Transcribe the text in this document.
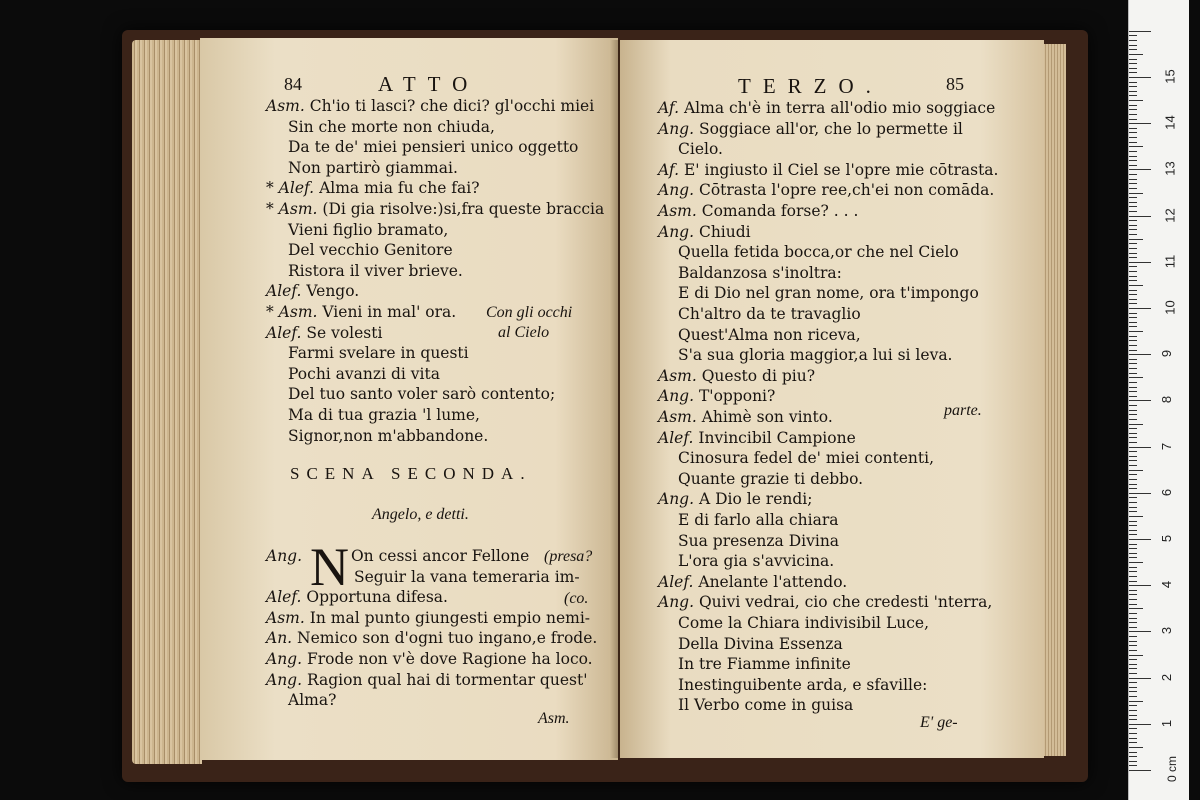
84	ATTO
Asm. Ch'io ti lasci? che dici? gl'occhi miei
Sin che morte non chiuda,
Da te de' miei pensieri unico oggetto
Non partirò giammai.
* Alef. Alma mia fu che fai?
* Asm. (Di gia risolve:)si,fra queste braccia
Vieni figlio bramato,
Del vecchio Genitore
Ristora il viver brieve.
Alef. Vengo.
* Asm. Vieni in mal' ora.
Alef. Se volesti
Farmi svelare in questi
Pochi avanzi di vita
Del tuo santo voler sarò contento;
Ma di tua grazia 'l lume,
Signor,non m'abbandone.
Con gli occhi
al Cielo
SCENA SECONDA.
Angelo, e detti.
N
Ang.	On cessi ancor Fellone
Seguir la vana temeraria im-
Alef. Opportuna difesa.
Asm. In mal punto giungesti empio nemi-
An. Nemico son d'ogni tuo ingano,e frode.
Ang. Frode non v'è dove Ragione ha loco.
Ang. Ragion qual hai di tormentar quest'
Alma?
(presa?
(co.
Asm.
TERZO.	85
Af. Alma ch'è in terra all'odio mio soggiace
Ang. Soggiace all'or, che lo permette il
Cielo.
Af. E' ingiusto il Ciel se l'opre mie cōtrasta.
Ang. Cōtrasta l'opre ree,ch'ei non comāda.
Asm. Comanda forse? . . .
Ang. Chiudi
Quella fetida bocca,or che nel Cielo
Baldanzosa s'inoltra:
E di Dio nel gran nome, ora t'impongo
Ch'altro da te travaglio
Quest'Alma non riceva,
S'a sua gloria maggior,a lui si leva.
Asm. Questo di piu?
Ang. T'opponi?
Asm. Ahimè son vinto.
Alef. Invincibil Campione
Cinosura fedel de' miei contenti,
Quante grazie ti debbo.
Ang. A Dio le rendi;
E di farlo alla chiara
Sua presenza Divina
L'ora gia s'avvicina.
Alef. Anelante l'attendo.
Ang. Quivi vedrai, cio che credesti 'nterra,
Come la Chiara indivisibil Luce,
Della Divina Essenza
In tre Fiamme infinite
Inestinguibente arda, e sfaville:
Il Verbo come in guisa
parte.
E' ge-
15
14
13
12
11
10
9
8
7
6
5
4
3
2
1
0 cm
